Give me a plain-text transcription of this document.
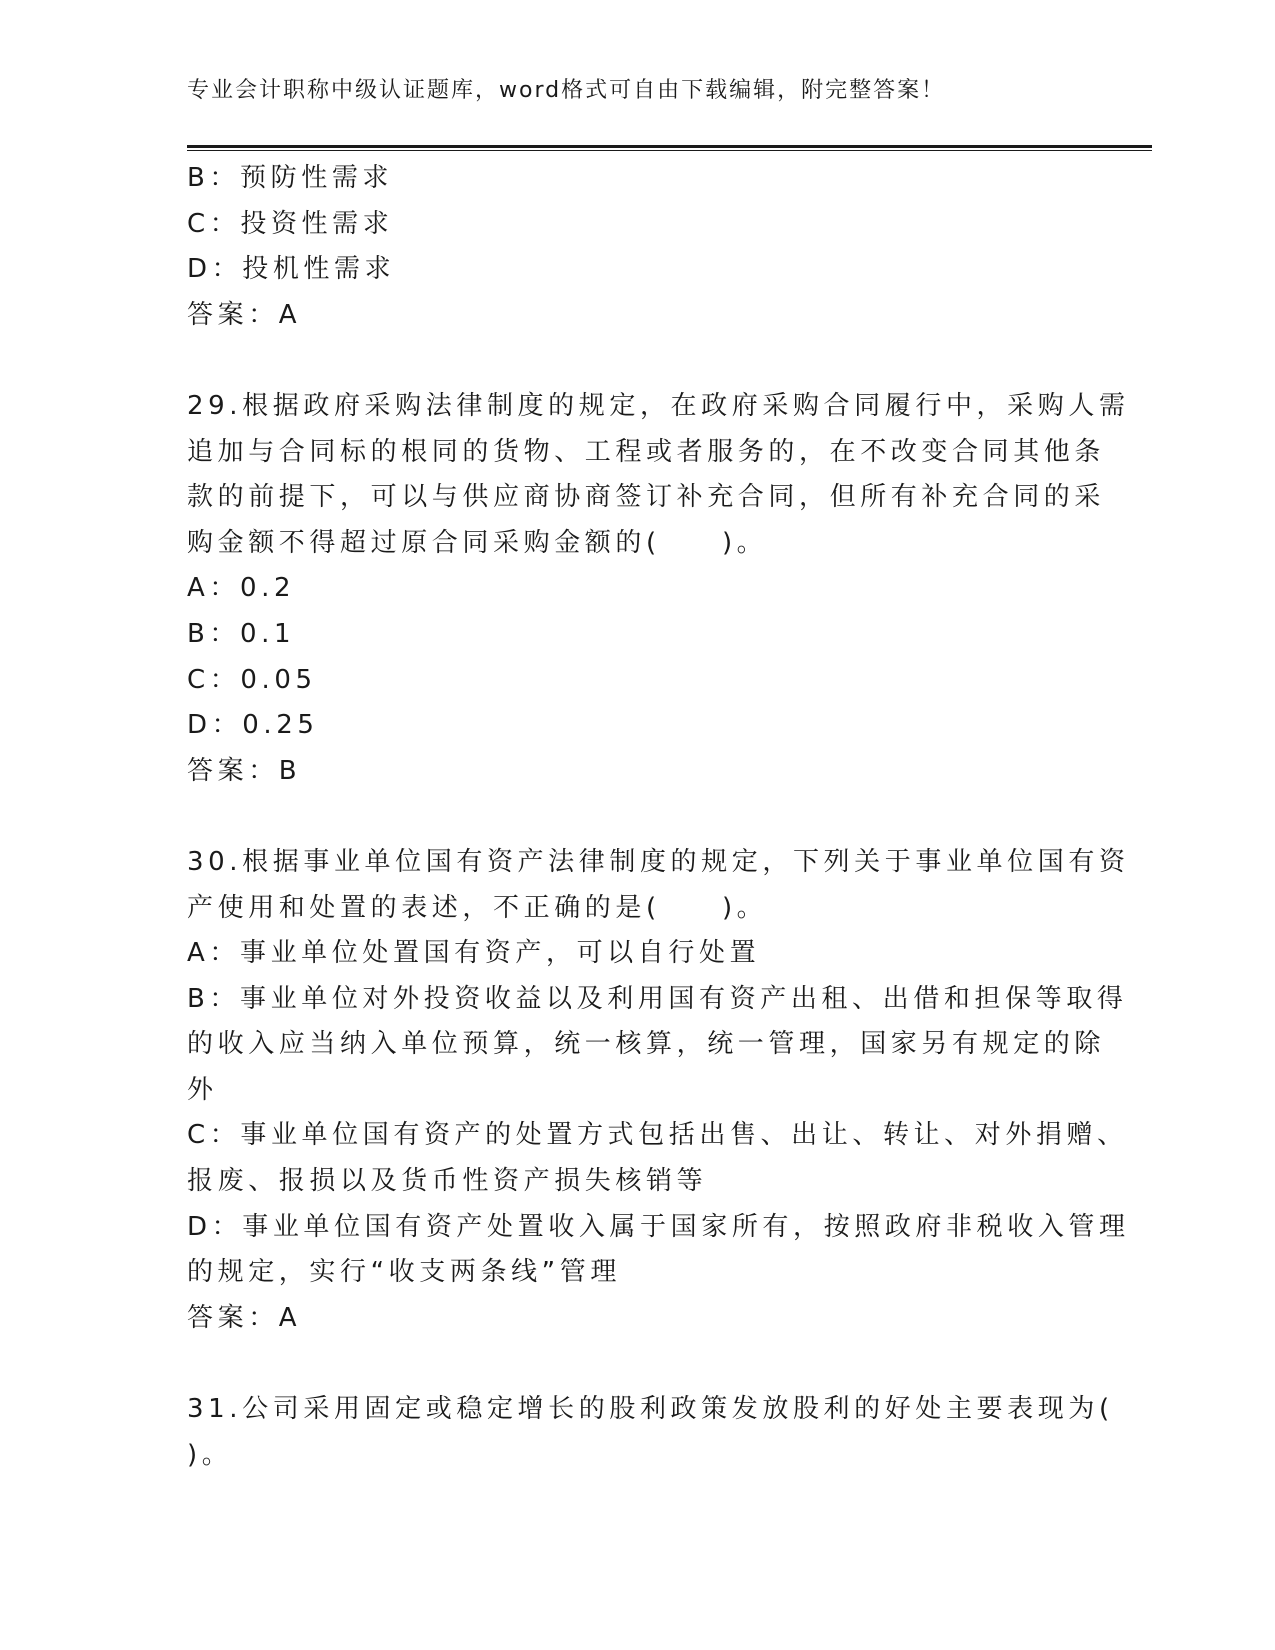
专业会计职称中级认证题库，word格式可自由下载编辑，附完整答案！
B：预防性需求
C：投资性需求
D：投机性需求
答案：A
29.根据政府采购法律制度的规定，在政府采购合同履行中，采购人需
追加与合同标的根同的货物、工程或者服务的，在不改变合同其他条
款的前提下，可以与供应商协商签订补充合同，但所有补充合同的采
购金额不得超过原合同采购金额的(　　)。
A：0.2
B：0.1
C：0.05
D：0.25
答案：B
30.根据事业单位国有资产法律制度的规定，下列关于事业单位国有资
产使用和处置的表述，不正确的是(　　)。
A：事业单位处置国有资产，可以自行处置
B：事业单位对外投资收益以及利用国有资产出租、出借和担保等取得
的收入应当纳入单位预算，统一核算，统一管理，国家另有规定的除
外
C：事业单位国有资产的处置方式包括出售、出让、转让、对外捐赠、
报废、报损以及货币性资产损失核销等
D：事业单位国有资产处置收入属于国家所有，按照政府非税收入管理
的规定，实行“收支两条线”管理
答案：A
31.公司采用固定或稳定增长的股利政策发放股利的好处主要表现为(
)。
